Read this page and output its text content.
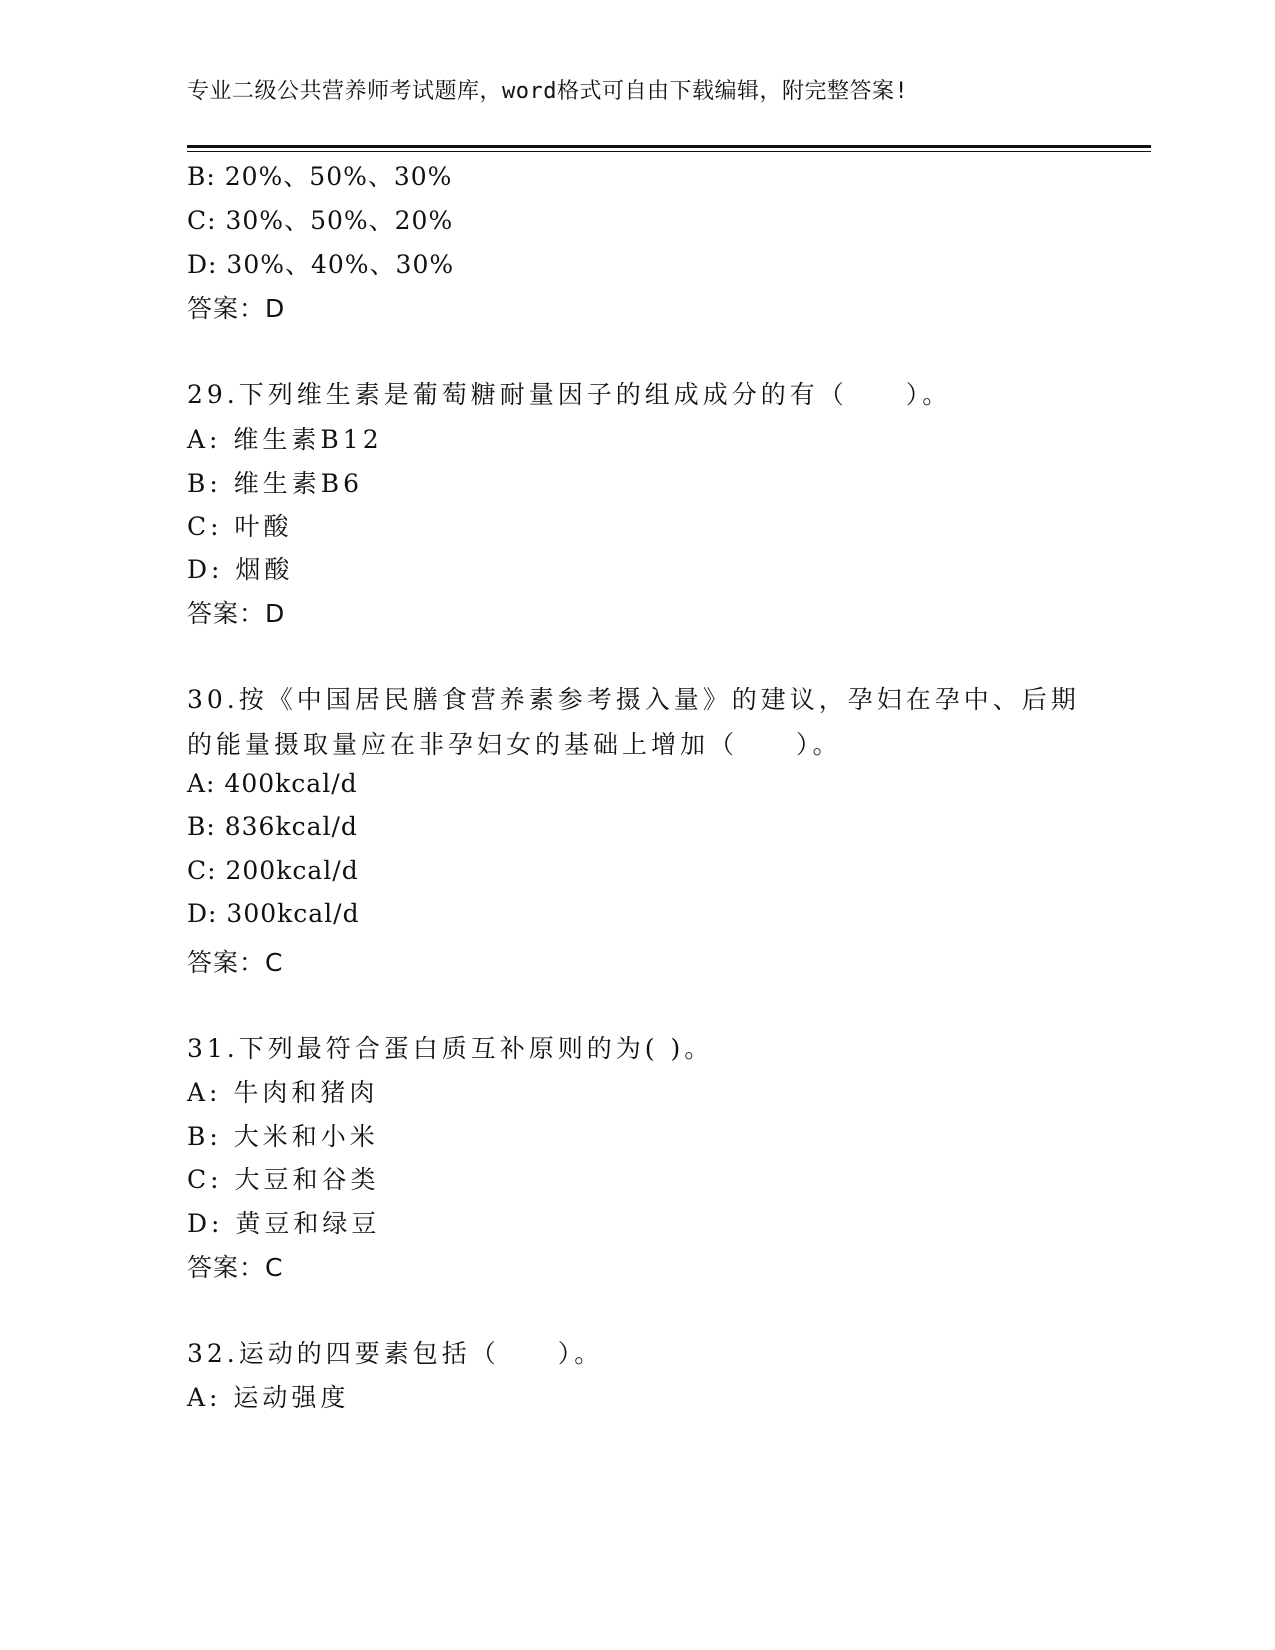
专业二级公共营养师考试题库，word格式可自由下载编辑，附完整答案!
B: 20%、50%、30%
C: 30%、50%、20%
D: 30%、40%、30%
答案：D
29.下列维生素是葡萄糖耐量因子的组成成分的有（　　）。
A: 维生素B12
B: 维生素B6
C: 叶酸
D: 烟酸
答案：D
30.按《中国居民膳食营养素参考摄入量》的建议，孕妇在孕中、后期
的能量摄取量应在非孕妇女的基础上增加（　　）。
A: 400kcal/d
B: 836kcal/d
C: 200kcal/d
D: 300kcal/d
答案：C
31.下列最符合蛋白质互补原则的为( )。
A: 牛肉和猪肉
B: 大米和小米
C: 大豆和谷类
D: 黄豆和绿豆
答案：C
32.运动的四要素包括（　　）。
A: 运动强度
